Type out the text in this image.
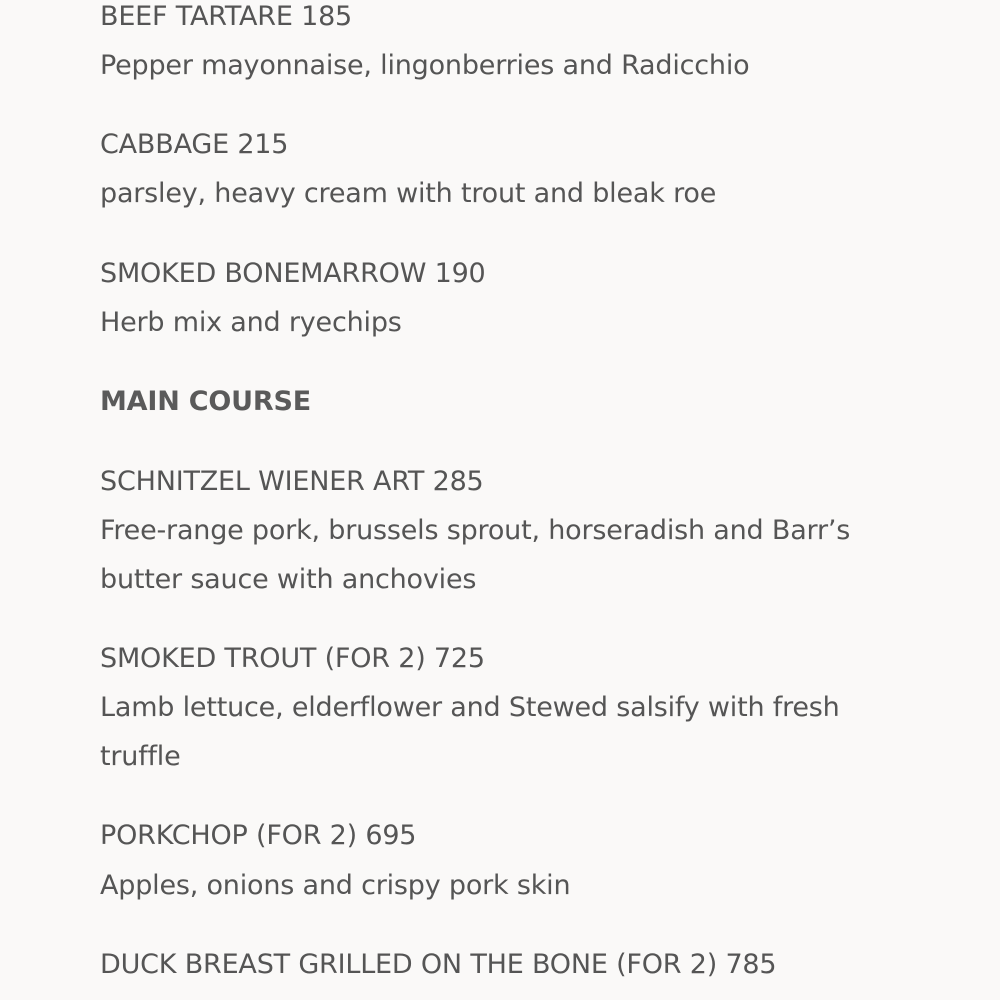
BEEF TARTARE 185

Pepper mayonnaise, lingonberries and Radicchio

CABBAGE 215

parsley, heavy cream with trout and bleak roe

SMOKED BONEMARROW 190

Herb mix and ryechips

MAIN COURSE

SCHNITZEL WIENER ART 285

Free-range pork, brussels sprout, horseradish and Barr’s

butter sauce with anchovies

SMOKED TROUT (FOR 2) 725

Lamb lettuce, elderflower and Stewed salsify with fresh

truffle

PORKCHOP (FOR 2) 695

Apples, onions and crispy pork skin

DUCK BREAST GRILLED ON THE BONE (FOR 2) 785
